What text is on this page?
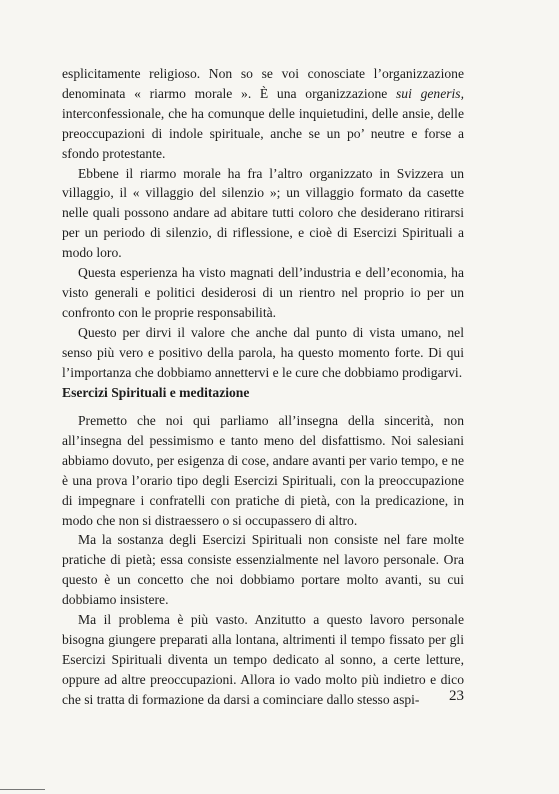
esplicitamente religioso. Non so se voi conosciate l’organizzazione denominata « riarmo morale ». È una organizzazione sui generis, interconfessionale, che ha comunque delle inquietudini, delle ansie, delle preoccupazioni di indole spirituale, anche se un po’ neutre e forse a sfondo protestante.

Ebbene il riarmo morale ha fra l’altro organizzato in Svizzera un villaggio, il « villaggio del silenzio »; un villaggio formato da casette nelle quali possono andare ad abitare tutti coloro che desiderano ritirarsi per un periodo di silenzio, di riflessione, e cioè di Esercizi Spirituali a modo loro.

Questa esperienza ha visto magnati dell’industria e dell’economia, ha visto generali e politici desiderosi di un rientro nel proprio io per un confronto con le proprie responsabilità.

Questo per dirvi il valore che anche dal punto di vista umano, nel senso più vero e positivo della parola, ha questo momento forte. Di qui l’importanza che dobbiamo annettervi e le cure che dobbiamo prodigarvi.

Esercizi Spirituali e meditazione

Premetto che noi qui parliamo all’insegna della sincerità, non all’insegna del pessimismo e tanto meno del disfattismo. Noi salesiani abbiamo dovuto, per esigenza di cose, andare avanti per vario tempo, e ne è una prova l’orario tipo degli Esercizi Spirituali, con la preoccupazione di impegnare i confratelli con pratiche di pietà, con la predicazione, in modo che non si distraessero o si occupassero di altro.

Ma la sostanza degli Esercizi Spirituali non consiste nel fare molte pratiche di pietà; essa consiste essenzialmente nel lavoro personale. Ora questo è un concetto che noi dobbiamo portare molto avanti, su cui dobbiamo insistere.

Ma il problema è più vasto. Anzitutto a questo lavoro personale bisogna giungere preparati alla lontana, altrimenti il tempo fissato per gli Esercizi Spirituali diventa un tempo dedicato al sonno, a certe letture, oppure ad altre preoccupazioni. Allora io vado molto più indietro e dico che si tratta di formazione da darsi a cominciare dallo stesso aspi-	23
